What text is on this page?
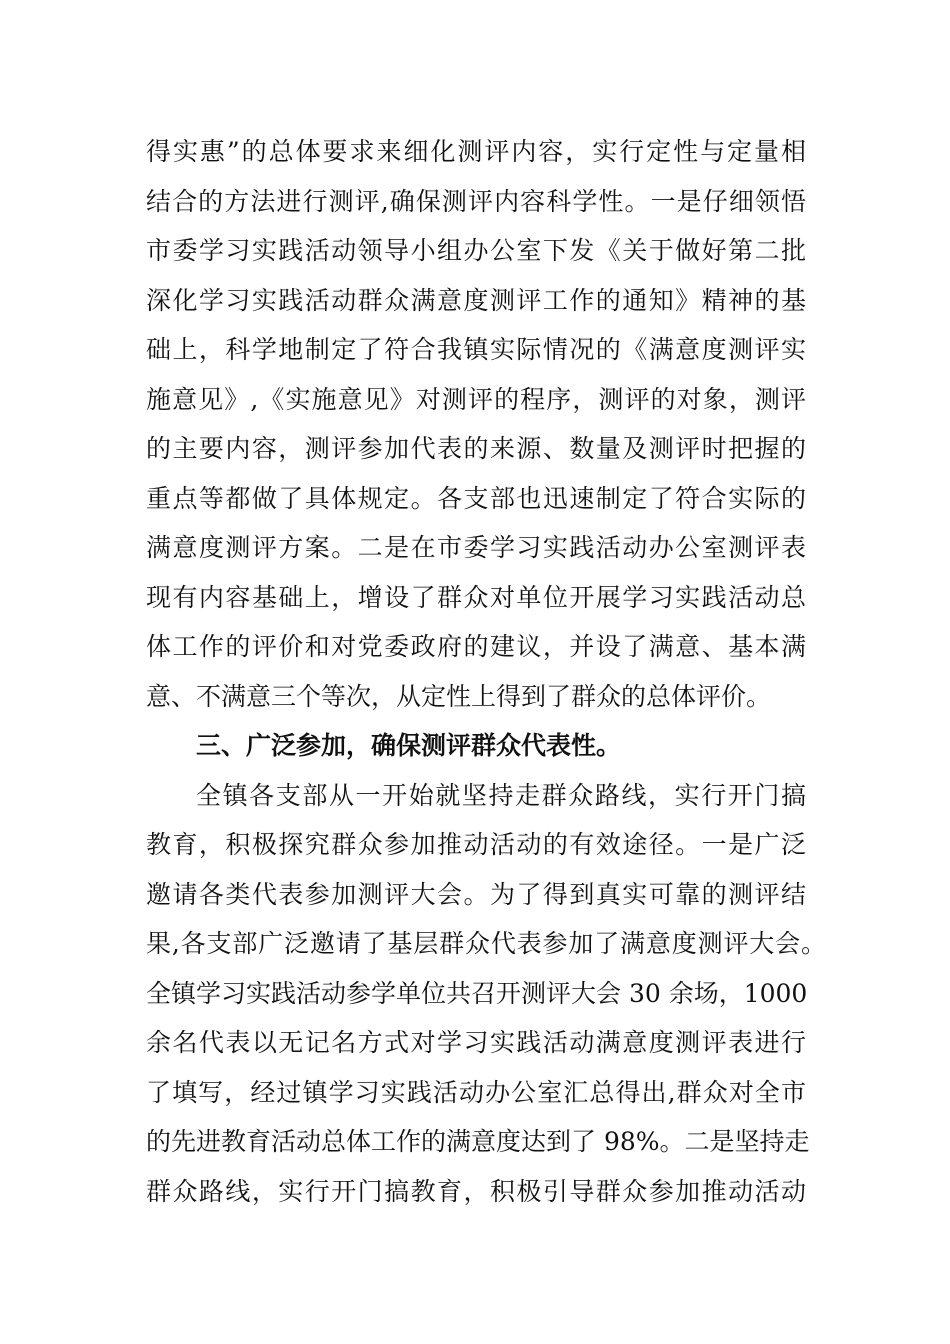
得实惠”的总体要求来细化测评内容，实行定性与定量相
结合的方法进行测评,确保测评内容科学性。一是仔细领悟
市委学习实践活动领导小组办公室下发《关于做好第二批
深化学习实践活动群众满意度测评工作的通知》精神的基
础上，科学地制定了符合我镇实际情况的《满意度测评实
施意见》,《实施意见》对测评的程序，测评的对象，测评
的主要内容，测评参加代表的来源、数量及测评时把握的
重点等都做了具体规定。各支部也迅速制定了符合实际的
满意度测评方案。二是在市委学习实践活动办公室测评表
现有内容基础上，增设了群众对单位开展学习实践活动总
体工作的评价和对党委政府的建议，并设了满意、基本满
意、不满意三个等次，从定性上得到了群众的总体评价。
三、广泛参加，确保测评群众代表性。
全镇各支部从一开始就坚持走群众路线，实行开门搞
教育，积极探究群众参加推动活动的有效途径。一是广泛
邀请各类代表参加测评大会。为了得到真实可靠的测评结
果,各支部广泛邀请了基层群众代表参加了满意度测评大会。
全镇学习实践活动参学单位共召开测评大会 30 余场，1000
余名代表以无记名方式对学习实践活动满意度测评表进行
了填写，经过镇学习实践活动办公室汇总得出,群众对全市
的先进教育活动总体工作的满意度达到了 98%。二是坚持走
群众路线，实行开门搞教育，积极引导群众参加推动活动
